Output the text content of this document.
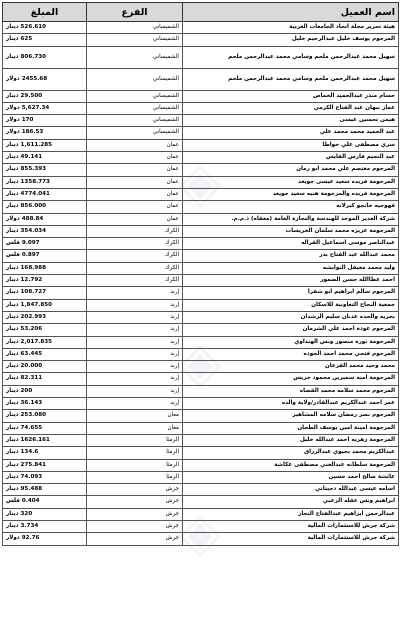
◈
◈
◈
اسم العميل	الفرع	المبلغ
هيئة تحرير مجلة اتحاد الجامعات العربية	الشميساني	526.610 دينار
المرحوم يوسف خليل عبدالرحيم خليل	الشميساني	625 دينار
سهيل محمد عبدالرحمن ملحم وسامي محمد عبدالرحمن ملحم	الشميساني	806.730 دينار
سهيل محمد عبدالرحمن ملحم وسامي محمد عبدالرحمن ملحم	الشميساني	2455.68 دولار
حسام منذر عبدالحميد الخماص	الشميساني	29.500 دينار
عمار نبهان عبد الفتاح الكرمي	الشميساني	5,627.34 دولار
هيمن تحسين عيسى	الشميساني	170 دولار
عبد الحميد محمد محمد علي	الشميساني	186.53 دولار
سري مصطفى علي خواطا	عمان	1,611.285 دينار
عبد النجيم فارس القايس	عمان	49.141 دينار
المرحوم معتصم علي محمد ابو رمان	عمان	855.393 دينار
المرحومة فريده سعيد عيسى جويعد	عمان	1358.773 دينار
المرحومة فريده والمرحومة هنيه سعيد جويعد	عمان	4774.041 دينار
قهوجيه خانجو كيرلانه	عمان	856.000 دينار
شركة الغدير الموحد للهندسة والتجارة العامة (معفاه) ذ.م.م.	عمان	488.84 دولار
المرحومة عزيزه محمد سلمان الخريسات	الكرك	354.034 دينار
عبدالناصر موسى اسماعيل القراله	الكرك	9.097 فلس
محمد عبدالله عبد الفتاح بدر	الكرك	0.897 فلس
وليد محمد معيقل النوايشه	الكرك	168.988 دينار
احمد عطاالله حسن الضمور	الكرك	12.792 دينار
المرحوم سالم ابراهيم ابو شقرا	إربد	108.727 دينار
جمعية النجاح التعاونية للاسكان	إربد	1,847.850 دينار
بحريه والحده عدنان سليم الرشدان	إربد	202.993 دينار
المرحوم عودة احمد علي الشرمان	إربد	53.206 دينار
المرحومة نورة منصور ونس الهنداوي	إربد	2,017.835 دينار
المرحوم فتحي محمد احمد الجوده	إربد	63.445 دينار
محمد وحيد محمد القرعان	إربد	20.000 دينار
المرحومة امنه سميرين محمود خريس	إربد	82.311 دينار
المرحوم محمد سلامه محمد القضاه	إربد	200 دينار
عمر احمد عبدالكريم عبدالقادر/ولاية والده	إربد	36.143 دينار
المرحوم نصر رمضان سلامه المشاهير	معان	253.080 دينار
المرحومة امينة امين يوسف الطحان	معان	74.655 دينار
المرحومة زهريه احمد عبدالله خليل	الرمثا	1626.161 دينار
عبدالكريم محمد بحيوي عبدالرزاق	الرمثا	134.6 دينار
المرحومة سلطانه عبدالغني مصطفى عكاشة	الرمثا	275.841 دينار
عائشة صالح احمد حسين	الرمثا	74.093 دينار
اسامه عيسى عبدالله دحيتاني	جرش	95.488 دينار
ابراهيم ونس عقله الزعبي	جرش	0.404 فلس
عبدالرحمن ابراهيم عبدالفتاح النجار	جرش	320 دينار
شركة جرش للاستثمارات المالية	جرش	3.734 دينار
شركة جرش للاستثمارات المالية	جرش	92.76 دولار
